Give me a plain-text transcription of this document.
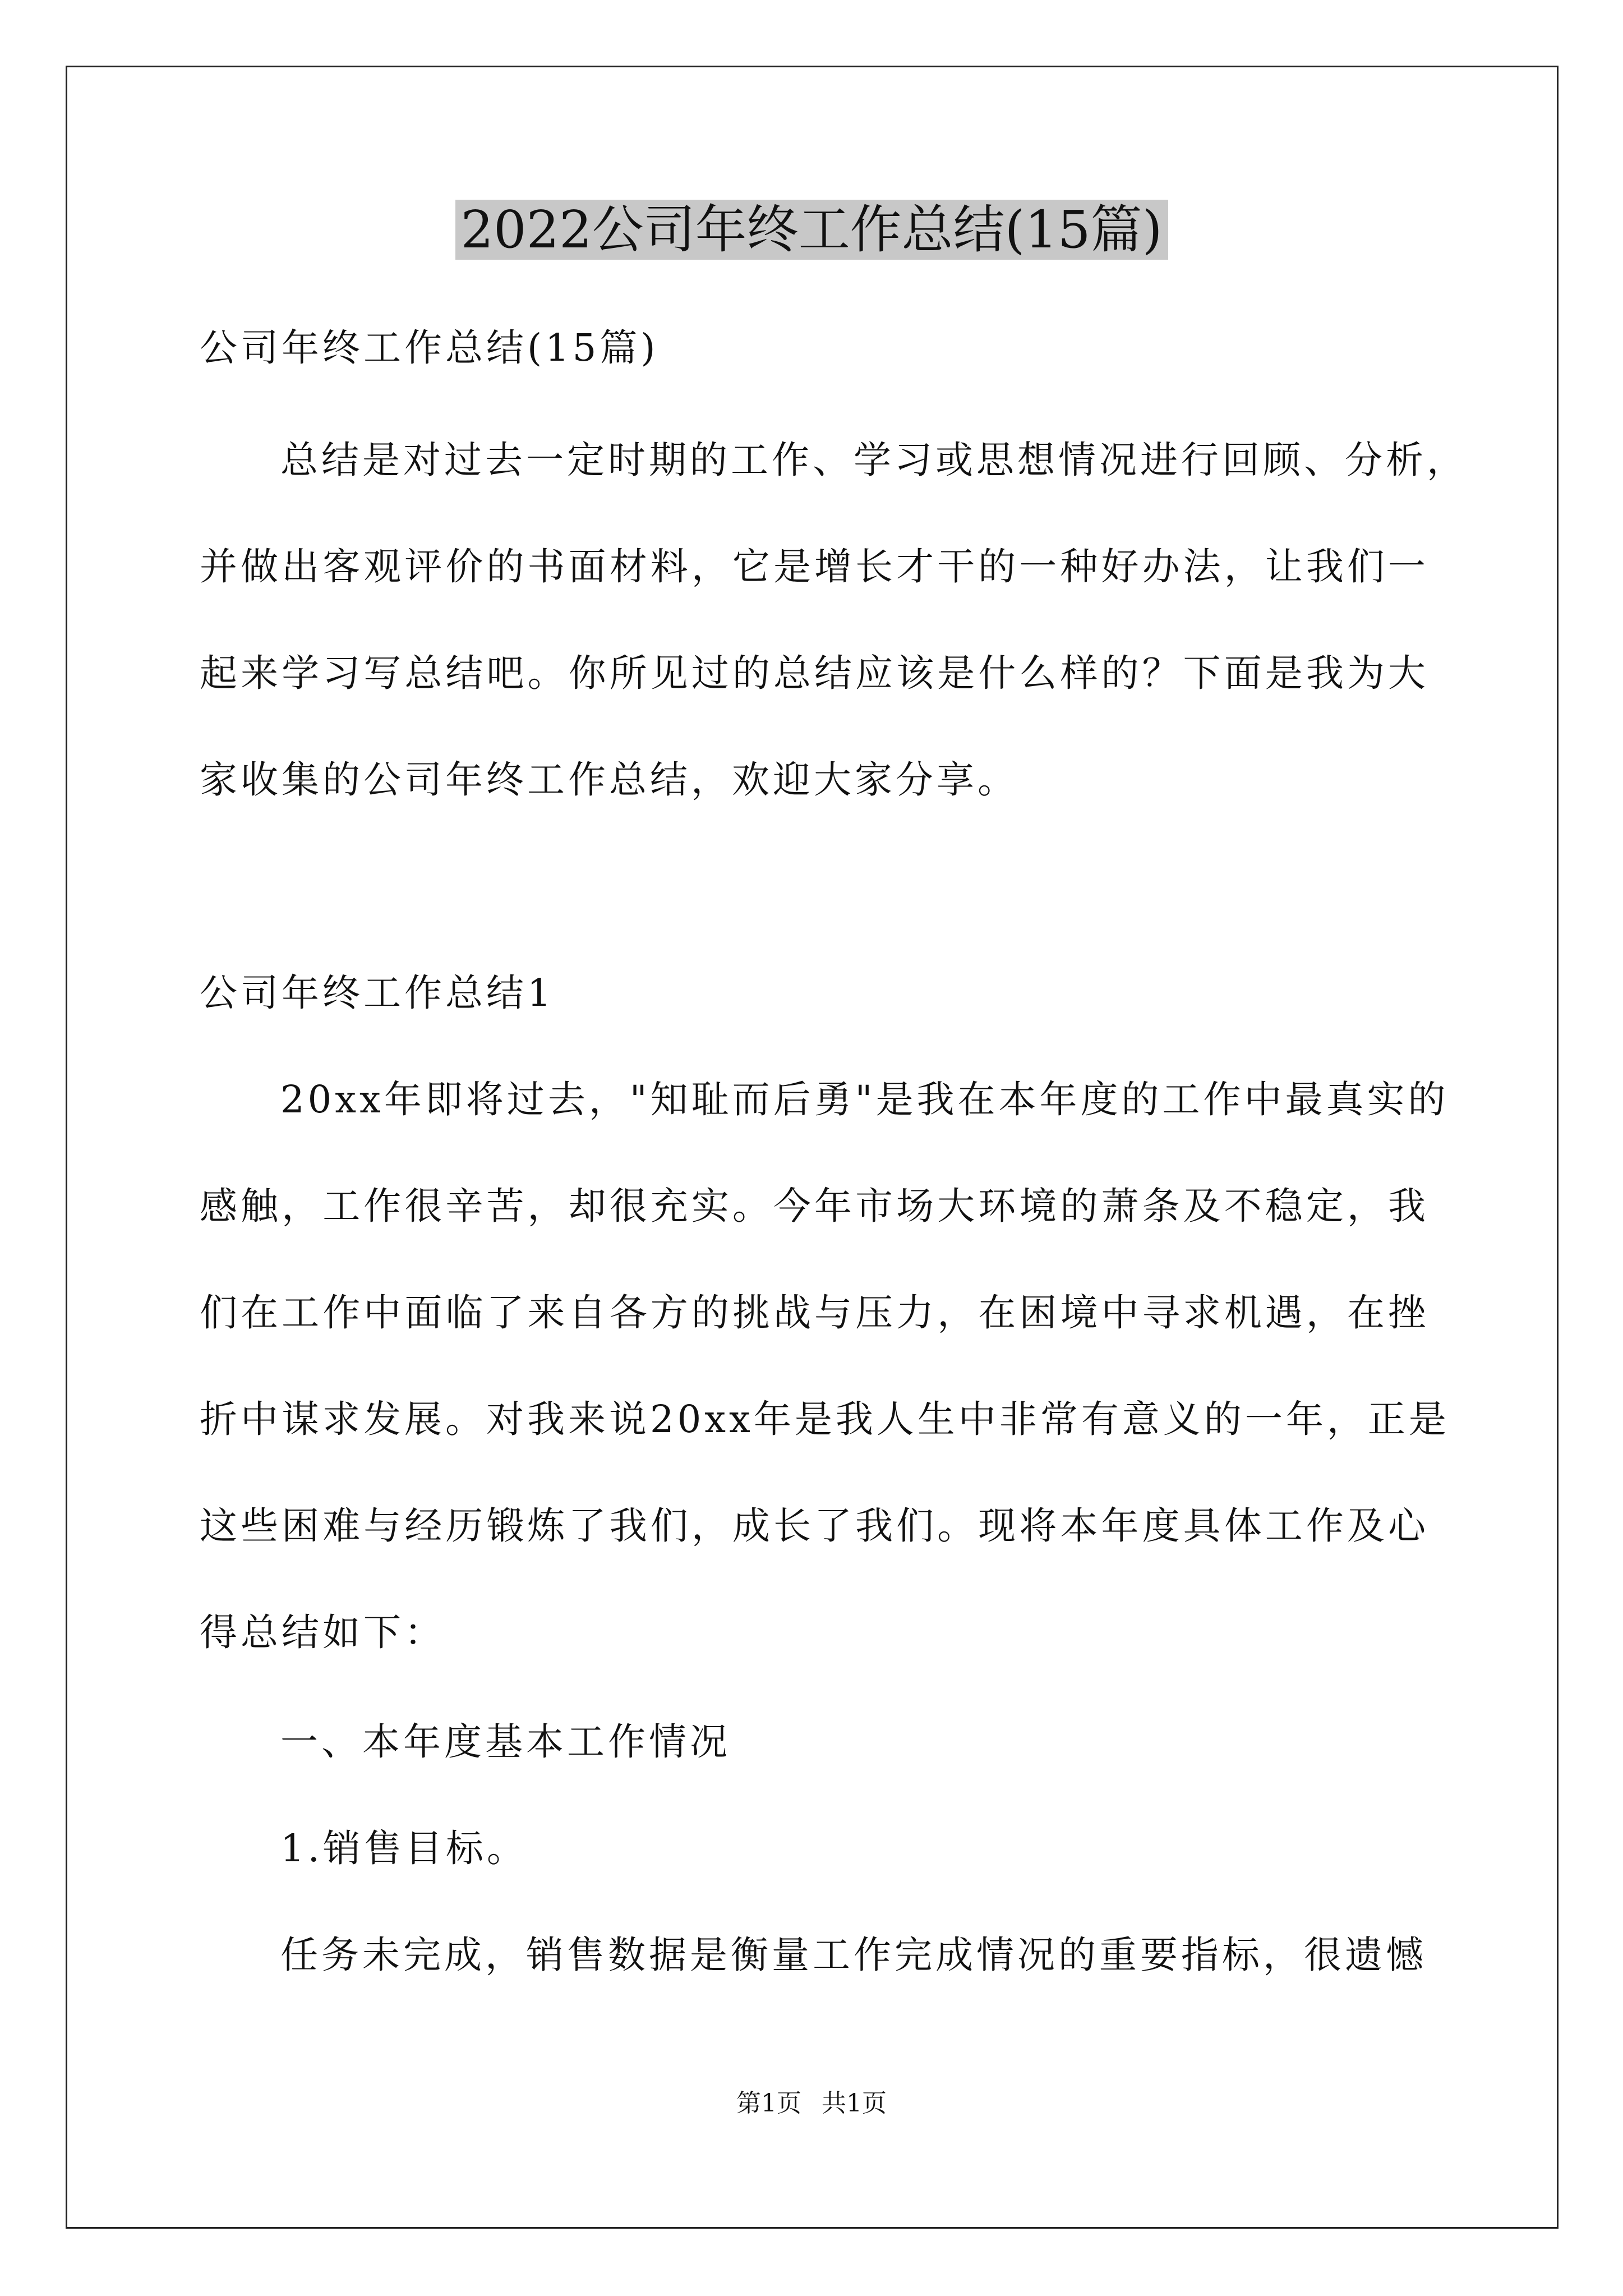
2022公司年终工作总结(15篇)
公司年终工作总结(15篇)
总结是对过去一定时期的工作、学习或思想情况进行回顾、分析，
并做出客观评价的书面材料，它是增长才干的一种好办法，让我们一
起来学习写总结吧。你所见过的总结应该是什么样的？下面是我为大
家收集的公司年终工作总结，欢迎大家分享。
公司年终工作总结1
20xx年即将过去，"知耻而后勇"是我在本年度的工作中最真实的
感触，工作很辛苦，却很充实。今年市场大环境的萧条及不稳定，我
们在工作中面临了来自各方的挑战与压力，在困境中寻求机遇，在挫
折中谋求发展。对我来说20xx年是我人生中非常有意义的一年，正是
这些困难与经历锻炼了我们，成长了我们。现将本年度具体工作及心
得总结如下：
一、本年度基本工作情况
1.销售目标。
任务未完成，销售数据是衡量工作完成情况的重要指标，很遗憾
第1页 共1页
